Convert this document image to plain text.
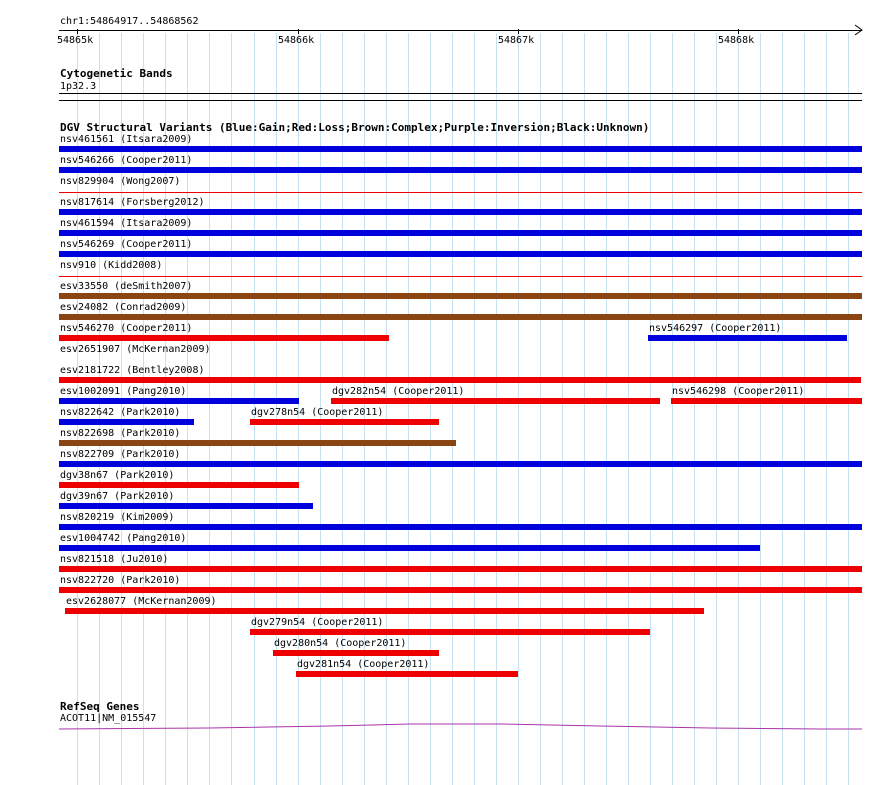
chr1:54864917..54868562
Cytogenetic Bands
1p32.3
DGV Structural Variants (Blue:Gain;Red:Loss;Brown:Complex;Purple:Inversion;Black:Unknown)
nsv461561 (Itsara2009)
nsv546266 (Cooper2011)
nsv829904 (Wong2007)
nsv817614 (Forsberg2012)
nsv461594 (Itsara2009)
nsv546269 (Cooper2011)
nsv910 (Kidd2008)
esv33550 (deSmith2007)
esv24082 (Conrad2009)
nsv546270 (Cooper2011)	nsv546297 (Cooper2011)
esv2651907 (McKernan2009)
esv2181722 (Bentley2008)
esv1002091 (Pang2010)	dgv282n54 (Cooper2011)	nsv546298 (Cooper2011)
nsv822642 (Park2010)	dgv278n54 (Cooper2011)
nsv822698 (Park2010)
nsv822709 (Park2010)
dgv38n67 (Park2010)
dgv39n67 (Park2010)
nsv820219 (Kim2009)
esv1004742 (Pang2010)
nsv821518 (Ju2010)
nsv822720 (Park2010)
esv2628077 (McKernan2009)
dgv279n54 (Cooper2011)
dgv280n54 (Cooper2011)
dgv281n54 (Cooper2011)
RefSeq Genes
ACOT11|NM_015547
54865k	54866k	54867k	54868k
